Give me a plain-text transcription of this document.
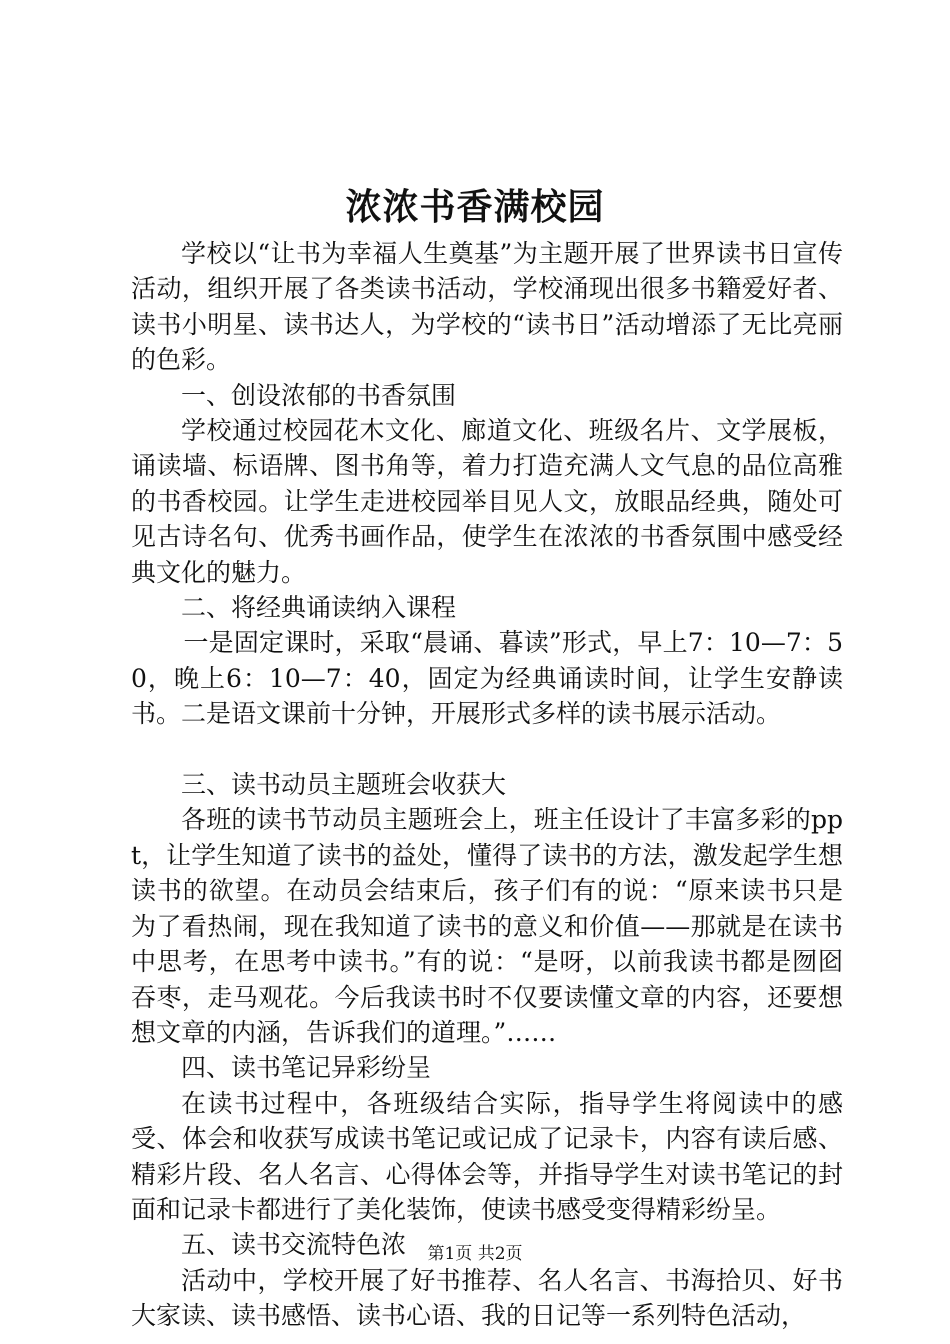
浓浓书香满校园

学校以“让书为幸福人生奠基”为主题开展了世界读书日宣传活动，组织开展了各类读书活动，学校涌现出很多书籍爱好者、读书小明星、读书达人，为学校的“读书日”活动增添了无比亮丽的色彩。

一、创设浓郁的书香氛围

学校通过校园花木文化、廊道文化、班级名片、文学展板，诵读墙、标语牌、图书角等，着力打造充满人文气息的品位高雅的书香校园。让学生走进校园举目见人文，放眼品经典，随处可见古诗名句、优秀书画作品，使学生在浓浓的书香氛围中感受经典文化的魅力。

二、将经典诵读纳入课程

一是固定课时，采取“晨诵、暮读”形式，早上7：10—7：50，晚上6：10—7：40，固定为经典诵读时间，让学生安静读书。二是语文课前十分钟，开展形式多样的读书展示活动。

三、读书动员主题班会收获大

各班的读书节动员主题班会上，班主任设计了丰富多彩的ppt，让学生知道了读书的益处，懂得了读书的方法，激发起学生想读书的欲望。在动员会结束后，孩子们有的说：“原来读书只是为了看热闹，现在我知道了读书的意义和价值——那就是在读书中思考，在思考中读书。”有的说：“是呀，以前我读书都是囫囵吞枣，走马观花。今后我读书时不仅要读懂文章的内容，还要想想文章的内涵，告诉我们的道理。”……

四、读书笔记异彩纷呈

在读书过程中，各班级结合实际，指导学生将阅读中的感受、体会和收获写成读书笔记或记成了记录卡，内容有读后感、精彩片段、名人名言、心得体会等，并指导学生对读书笔记的封面和记录卡都进行了美化装饰，使读书感受变得精彩纷呈。

五、读书交流特色浓

活动中，学校开展了好书推荐、名人名言、书海拾贝、好书大家读、读书感悟、读书心语、我的日记等一系列特色活动，

第1页 共2页
